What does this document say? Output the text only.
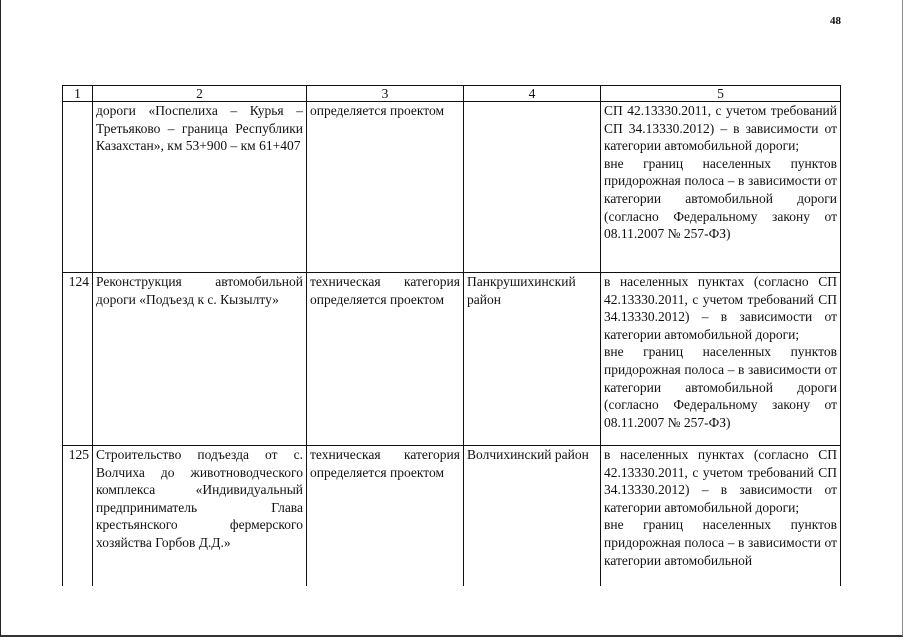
48
1	2	3	4	5
	дороги «Поспелиха – Курья – Третьяково – граница Республики Казахстан», км 53+900 – км 61+407	определяется проектом		СП 42.13330.2011, с учетом требований СП 34.13330.2012) – в зависимости от категории автомобильной дороги;
вне границ населенных пунктов придорожная полоса – в зависимости от категории автомобильной дороги (согласно Федеральному закону от 08.11.2007 № 257-ФЗ)
124	Реконструкция автомобильной дороги «Подъезд к с. Кызылту»	техническая категория определяется проектом	Панкрушихинский район	в населенных пунктах (согласно СП 42.13330.2011, с учетом требований СП 34.13330.2012) – в зависимости от категории автомобильной дороги;
вне границ населенных пунктов придорожная полоса – в зависимости от категории автомобильной дороги (согласно Федеральному закону от 08.11.2007 № 257-ФЗ)
125	Строительство подъезда от с. Волчиха до животноводческого комплекса «Индивидуальный предприниматель Глава крестьянского фермерского хозяйства Горбов Д.Д.»	техническая категория определяется проектом	Волчихинский район	в населенных пунктах (согласно СП 42.13330.2011, с учетом требований СП 34.13330.2012) – в зависимости от категории автомобильной дороги;
вне границ населенных пунктов придорожная полоса – в зависимости от категории автомобильной
